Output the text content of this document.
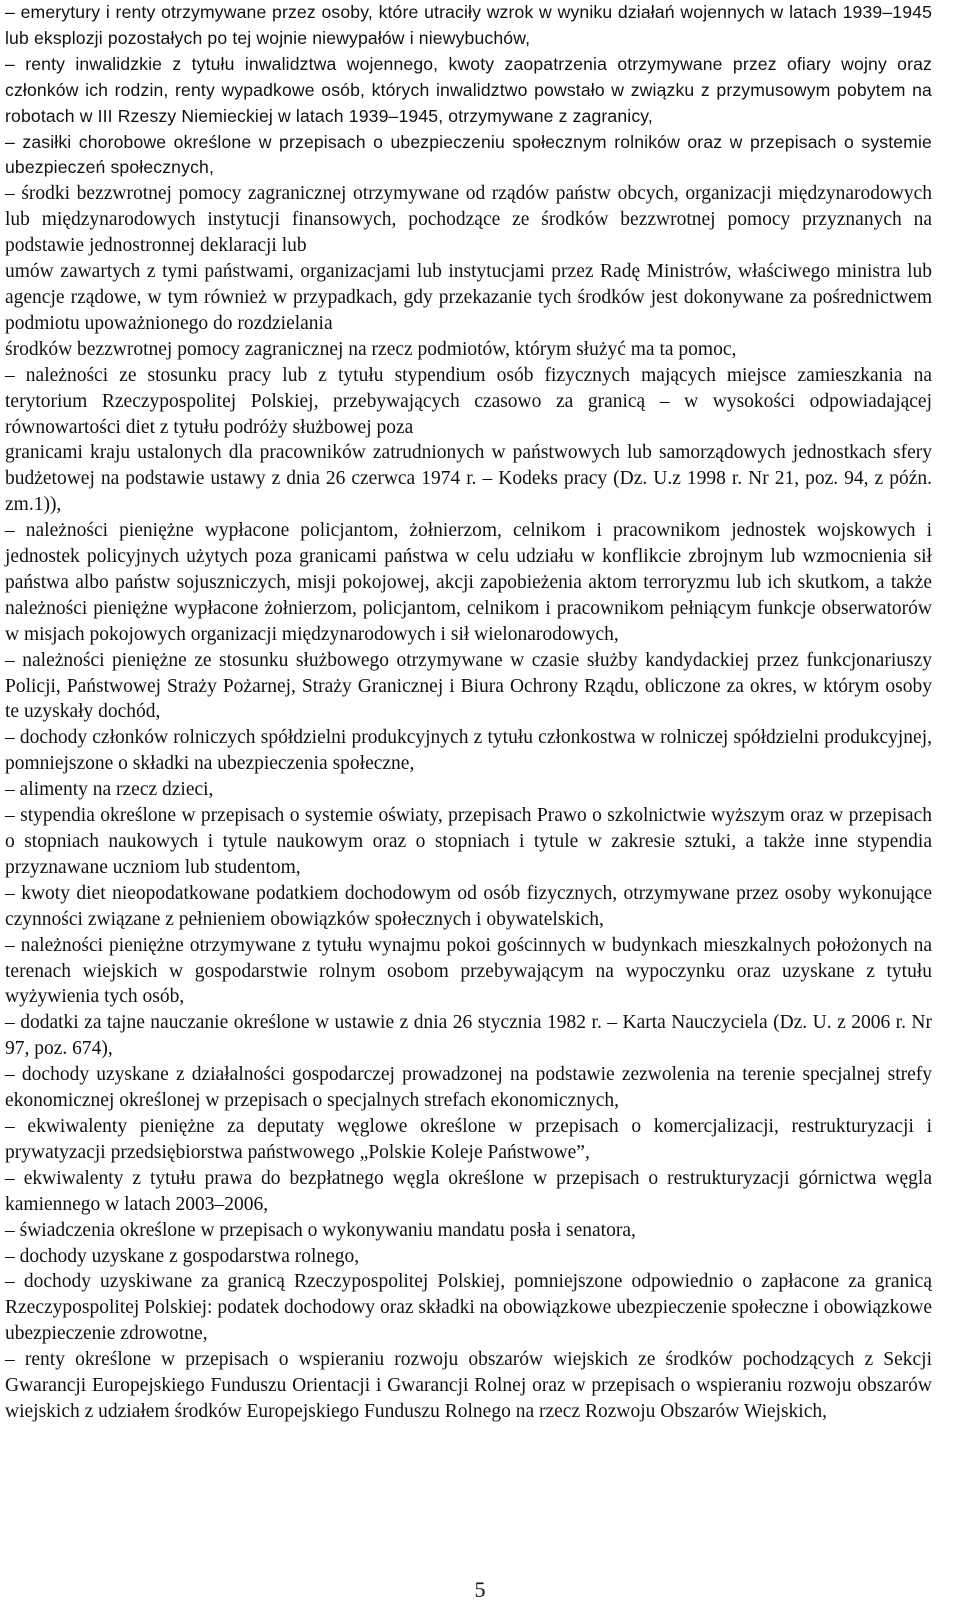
– emerytury i renty otrzymywane przez osoby, które utraciły wzrok w wyniku działań wojennych w latach 1939–1945 lub eksplozji pozostałych po tej wojnie niewypałów i niewybuchów,

– renty inwalidzkie z tytułu inwalidztwa wojennego, kwoty zaopatrzenia otrzymywane przez ofiary wojny oraz członków ich rodzin, renty wypadkowe osób, których inwalidztwo powstało w związku z przymusowym pobytem na robotach w III Rzeszy Niemieckiej w latach 1939–1945, otrzymywane z zagranicy,

– zasiłki chorobowe określone w przepisach o ubezpieczeniu społecznym rolników oraz w przepisach o systemie ubezpieczeń społecznych,

– środki bezzwrotnej pomocy zagranicznej otrzymywane od rządów państw obcych, organizacji międzynarodowych lub międzynarodowych instytucji finansowych, pochodzące ze środków bezzwrotnej pomocy przyznanych na podstawie jednostronnej deklaracji lub

umów zawartych z tymi państwami, organizacjami lub instytucjami przez Radę Ministrów, właściwego ministra lub agencje rządowe, w tym również w przypadkach, gdy przekazanie tych środków jest dokonywane za pośrednictwem podmiotu upoważnionego do rozdzielania

środków bezzwrotnej pomocy zagranicznej na rzecz podmiotów, którym służyć ma ta pomoc,

– należności ze stosunku pracy lub z tytułu stypendium osób fizycznych mających miejsce zamieszkania na terytorium Rzeczypospolitej Polskiej, przebywających czasowo za granicą – w wysokości odpowiadającej równowartości diet z tytułu podróży służbowej poza

granicami kraju ustalonych dla pracowników zatrudnionych w państwowych lub samorządowych jednostkach sfery budżetowej na podstawie ustawy z dnia 26 czerwca 1974 r. – Kodeks pracy (Dz. U.z 1998 r. Nr 21, poz. 94, z późn. zm.1)),

– należności pieniężne wypłacone policjantom, żołnierzom, celnikom i pracownikom jednostek wojskowych i jednostek policyjnych użytych poza granicami państwa w celu udziału w konflikcie zbrojnym lub wzmocnienia sił państwa albo państw sojuszniczych, misji pokojowej, akcji zapobieżenia aktom terroryzmu lub ich skutkom, a także należności pieniężne wypłacone żołnierzom, policjantom, celnikom i pracownikom pełniącym funkcje obserwatorów w misjach pokojowych organizacji międzynarodowych i sił wielonarodowych,

– należności pieniężne ze stosunku służbowego otrzymywane w czasie służby kandydackiej przez funkcjonariuszy Policji, Państwowej Straży Pożarnej, Straży Granicznej i Biura Ochrony Rządu, obliczone za okres, w którym osoby te uzyskały dochód,

– dochody członków rolniczych spółdzielni produkcyjnych z tytułu członkostwa w rolniczej spółdzielni produkcyjnej, pomniejszone o składki na ubezpieczenia społeczne,

– alimenty na rzecz dzieci,

– stypendia określone w przepisach o systemie oświaty, przepisach Prawo o szkolnictwie wyższym oraz w przepisach o stopniach naukowych i tytule naukowym oraz o stopniach i tytule w zakresie sztuki, a także inne stypendia przyznawane uczniom lub studentom,

– kwoty diet nieopodatkowane podatkiem dochodowym od osób fizycznych, otrzymywane przez osoby wykonujące czynności związane z pełnieniem obowiązków społecznych i obywatelskich,

– należności pieniężne otrzymywane z tytułu wynajmu pokoi gościnnych w budynkach mieszkalnych położonych na terenach wiejskich w gospodarstwie rolnym osobom przebywającym na wypoczynku oraz uzyskane z tytułu wyżywienia tych osób,

– dodatki za tajne nauczanie określone w ustawie z dnia 26 stycznia 1982 r. – Karta Nauczyciela (Dz. U. z 2006 r. Nr 97, poz. 674),

– dochody uzyskane z działalności gospodarczej prowadzonej na podstawie zezwolenia na terenie specjalnej strefy ekonomicznej określonej w przepisach o specjalnych strefach ekonomicznych,

– ekwiwalenty pieniężne za deputaty węglowe określone w przepisach o komercjalizacji, restrukturyzacji i prywatyzacji przedsiębiorstwa państwowego „Polskie Koleje Państwowe”,

– ekwiwalenty z tytułu prawa do bezpłatnego węgla określone w przepisach o restrukturyzacji górnictwa węgla kamiennego w latach 2003–2006,

– świadczenia określone w przepisach o wykonywaniu mandatu posła i senatora,

– dochody uzyskane z gospodarstwa rolnego,

– dochody uzyskiwane za granicą Rzeczypospolitej Polskiej, pomniejszone odpowiednio o zapłacone za granicą Rzeczypospolitej Polskiej: podatek dochodowy oraz składki na obowiązkowe ubezpieczenie społeczne i obowiązkowe ubezpieczenie zdrowotne,

– renty określone w przepisach o wspieraniu rozwoju obszarów wiejskich ze środków pochodzących z Sekcji Gwarancji Europejskiego Funduszu Orientacji i Gwarancji Rolnej oraz w przepisach o wspieraniu rozwoju obszarów wiejskich z udziałem środków Europejskiego Funduszu Rolnego na rzecz Rozwoju Obszarów Wiejskich,

5
